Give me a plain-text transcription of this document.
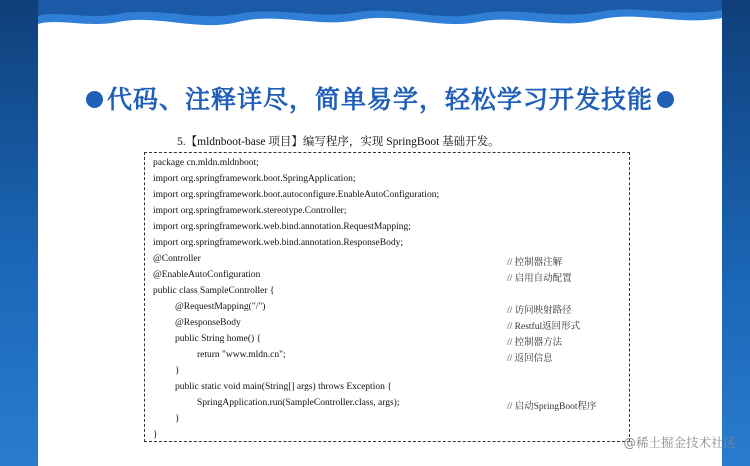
代码、注释详尽，简单易学，轻松学习开发技能
5.【mldnboot-base 项目】编写程序，实现 SpringBoot 基础开发。
package cn.mldn.mldnboot;
import org.springframework.boot.SpringApplication;
import org.springframework.boot.autoconfigure.EnableAutoConfiguration;
import org.springframework.stereotype.Controller;
import org.springframework.web.bind.annotation.RequestMapping;
import org.springframework.web.bind.annotation.ResponseBody;
@Controller
@EnableAutoConfiguration
public class SampleController {
@RequestMapping("/")
@ResponseBody
public String home() {
return "www.mldn.cn";
}
public static void main(String[] args) throws Exception {
SpringApplication.run(SampleController.class, args);
}
}
// 控制器注解
// 启用自动配置
// 访问映射路径
// Restful返回形式
// 控制器方法
// 返回信息
// 启动SpringBoot程序
@稀土掘金技术社区
